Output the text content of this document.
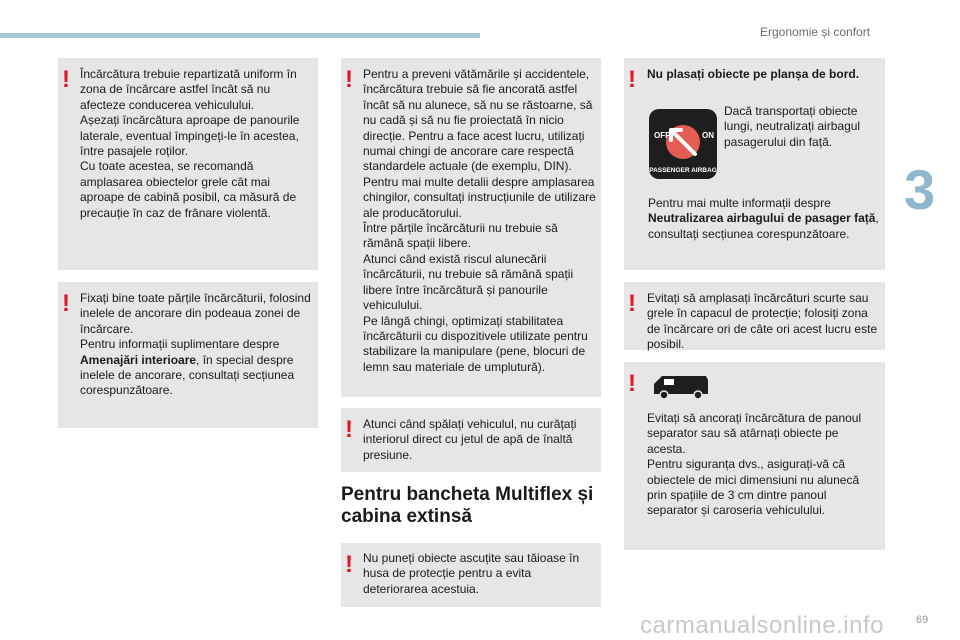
Ergonomie și confort
3
! Încărcătura trebuie repartizată uniform în zona de încărcare astfel încât să nu afecteze conducerea vehiculului.
Așezați încărcătura aproape de panourile laterale, eventual împingeți-le în acestea, între pasajele roților.
Cu toate acestea, se recomandă amplasarea obiectelor grele cât mai aproape de cabină posibil, ca măsură de precauție în caz de frânare violentă.

! Fixați bine toate părțile încărcăturii, folosind inelele de ancorare din podeaua zonei de încărcare.
Pentru informații suplimentare despre Amenajări interioare, în special despre inelele de ancorare, consultați secțiunea corespunzătoare.

! Pentru a preveni vătămările și accidentele, încărcătura trebuie să fie ancorată astfel încât să nu alunece, să nu se răstoarne, să nu cadă și să nu fie proiectată în nicio direcție. Pentru a face acest lucru, utilizați numai chingi de ancorare care respectă standardele actuale (de exemplu, DIN).
Pentru mai multe detalii despre amplasarea chingilor, consultați instrucțiunile de utilizare ale producătorului.
Între părțile încărcăturii nu trebuie să rămână spații libere.
Atunci când există riscul alunecării încărcăturii, nu trebuie să rămână spații libere între încărcătură și panourile vehiculului.
Pe lângă chingi, optimizați stabilitatea încărcăturii cu dispozitivele utilizate pentru stabilizare la manipulare (pene, blocuri de lemn sau materiale de umplutură).

! Atunci când spălați vehiculul, nu curățați interiorul direct cu jetul de apă de înaltă presiune.

Pentru bancheta Multiflex și cabina extinsă
! Nu puneți obiecte ascuțite sau tăioase în husa de protecție pentru a evita deteriorarea acestuia.

! Nu plasați obiecte pe planșa de bord.
OFF	ON
PASSENGER AIRBAG
Dacă transportați obiecte lungi, neutralizați airbagul pasagerului din față.

Pentru mai multe informații despre Neutralizarea airbagului de pasager față, consultați secțiunea corespunzătoare.

! Evitați să amplasați încărcături scurte sau grele în capacul de protecție; folosiți zona de încărcare ori de câte ori acest lucru este posibil.

!

Evitați să ancorați încărcătura de panoul separator sau să atârnați obiecte pe acesta.
Pentru siguranța dvs., asigurați-vă că obiectele de mici dimensiuni nu alunecă prin spațiile de 3 cm dintre panoul separator și caroseria vehiculului.

carmanualsonline.info	69
